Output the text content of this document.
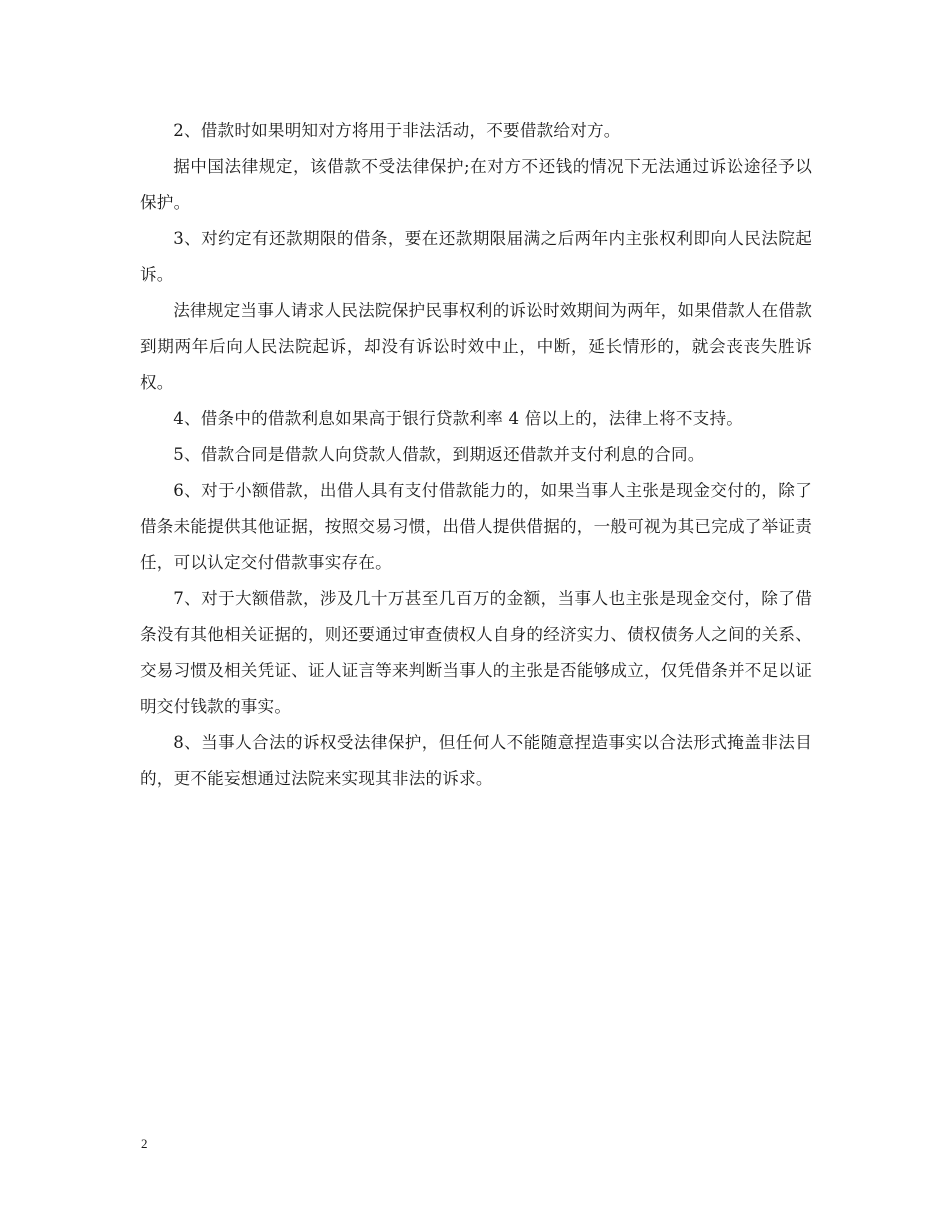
2、借款时如果明知对方将用于非法活动，不要借款给对方。

据中国法律规定，该借款不受法律保护;在对方不还钱的情况下无法通过诉讼途径予以保护。

3、对约定有还款期限的借条，要在还款期限届满之后两年内主张权利即向人民法院起诉。

法律规定当事人请求人民法院保护民事权利的诉讼时效期间为两年，如果借款人在借款到期两年后向人民法院起诉，却没有诉讼时效中止，中断，延长情形的，就会丧丧失胜诉权。

4、借条中的借款利息如果高于银行贷款利率 4 倍以上的，法律上将不支持。

5、借款合同是借款人向贷款人借款，到期返还借款并支付利息的合同。

6、对于小额借款，出借人具有支付借款能力的，如果当事人主张是现金交付的，除了借条未能提供其他证据，按照交易习惯，出借人提供借据的，一般可视为其已完成了举证责任，可以认定交付借款事实存在。

7、对于大额借款，涉及几十万甚至几百万的金额，当事人也主张是现金交付，除了借条没有其他相关证据的，则还要通过审查债权人自身的经济实力、债权债务人之间的关系、交易习惯及相关凭证、证人证言等来判断当事人的主张是否能够成立，仅凭借条并不足以证明交付钱款的事实。

8、当事人合法的诉权受法律保护，但任何人不能随意捏造事实以合法形式掩盖非法目的，更不能妄想通过法院来实现其非法的诉求。

2
